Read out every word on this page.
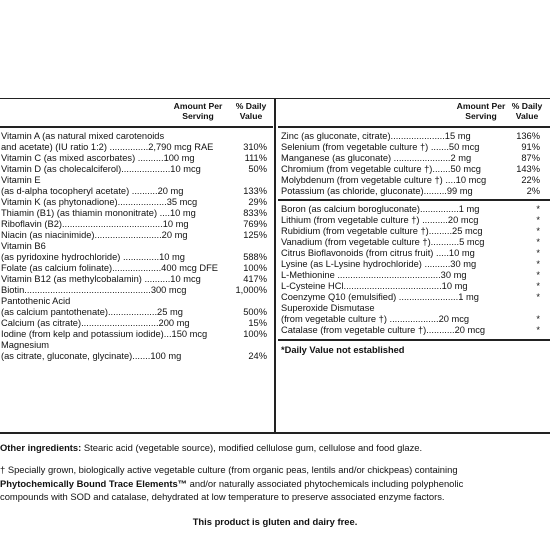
Amount Per Serving
% Daily Value
Vitamin A (as natural mixed carotenoids
and acetate) (IU ratio 1:2) ...............2,790 mcg RAE	310%
Vitamin C (as mixed ascorbates) ..........100 mg	111%
Vitamin D (as cholecalciferol)...................10 mcg	50%
Vitamin E
(as d-alpha tocopheryl acetate) ..........20 mg	133%
Vitamin K (as phytonadione)...................35 mcg	29%
Thiamin (B1) (as thiamin mononitrate) ....10 mg	833%
Riboflavin (B2).......................................10 mg	769%
Niacin (as niacinimide)..........................20 mg	125%
Vitamin B6
(as pyridoxine hydrochloride) ..............10 mg	588%
Folate (as calcium folinate)...................400 mcg DFE	100%
Vitamin B12 (as methylcobalamin) ..........10 mcg	417%
Biotin.................................................300 mcg	1,000%
Pantothenic Acid
(as calcium pantothenate)...................25 mg	500%
Calcium (as citrate)..............................200 mg	15%
Iodine (from kelp and potassium iodide)...150 mcg	100%
Magnesium
(as citrate, gluconate, glycinate).......100 mg	24%
Amount Per Serving
% Daily Value
Zinc (as gluconate, citrate).....................15 mg	136%
Selenium (from vegetable culture †) .......50 mcg	91%
Manganese (as gluconate) ......................2 mg	87%
Chromium (from vegetable culture †).......50 mcg	143%
Molybdenum (from vegetable culture †) ....10 mcg	22%
Potassium (as chloride, gluconate).........99 mg	2%
Boron (as calcium borogluconate)...............1 mg	*
Lithium (from vegetable culture †) ..........20 mcg	*
Rubidium (from vegetable culture †).........25 mcg	*
Vanadium (from vegetable culture †)...........5 mcg	*
Citrus Bioflavonoids (from citrus fruit) .....10 mg	*
Lysine (as L-Lysine hydrochloride) ..........30 mg	*
L-Methionine ........................................30 mg	*
L-Cysteine HCl......................................10 mg	*
Coenzyme Q10 (emulsified) .......................1 mg	*
Superoxide Dismutase
(from vegetable culture †) ...................20 mcg	*
Catalase (from vegetable culture †)...........20 mcg	*
*Daily Value not established
Other ingredients: Stearic acid (vegetable source), modified cellulose gum, cellulose and food glaze.
† Specially grown, biologically active vegetable culture (from organic peas, lentils and/or chickpeas) containing
Phytochemically Bound Trace Elements™ and/or naturally associated phytochemicals including polyphenolic
compounds with SOD and catalase, dehydrated at low temperature to preserve associated enzyme factors.
This product is gluten and dairy free.
